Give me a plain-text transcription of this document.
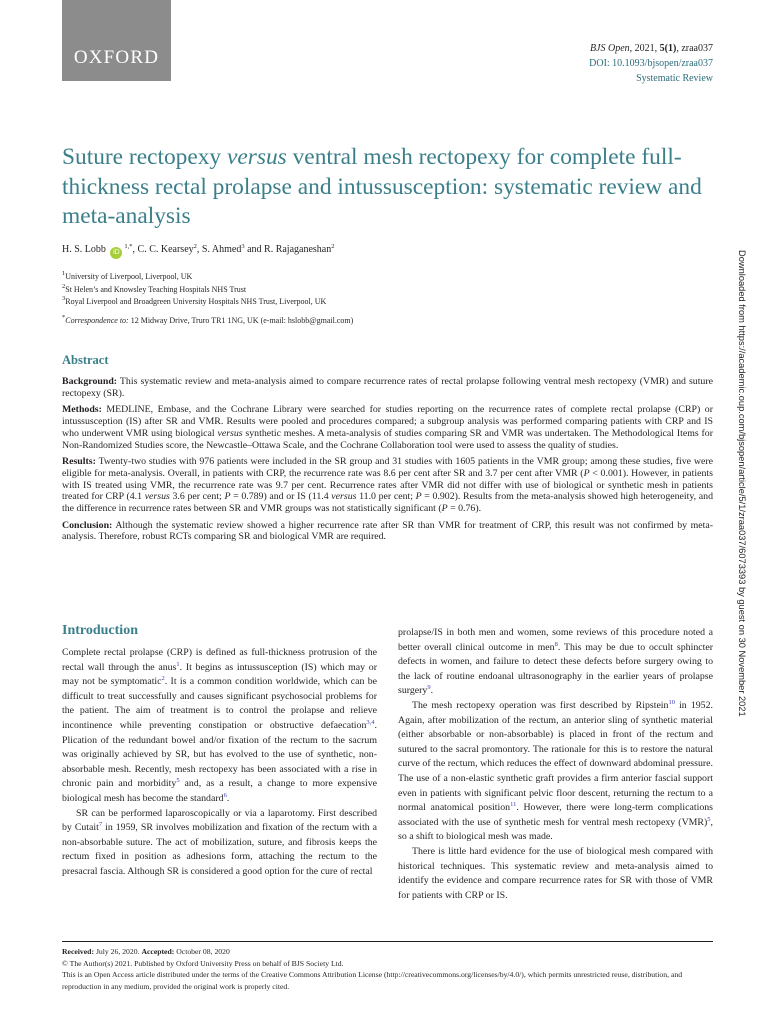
OXFORD	BJS Open, 2021, 5(1), zraa037
DOI: 10.1093/bjsopen/zraa037
Systematic Review
Suture rectopexy versus ventral mesh rectopexy for complete full-thickness rectal prolapse and intussusception: systematic review and meta-analysis
H. S. Lobb $iD^{1,*}$, C. C. Kearsey$^2$, S. Ahmed$^3$ and R. Rajaganeshan$^2$
$^1$University of Liverpool, Liverpool, UK
$^2$St Helen’s and Knowsley Teaching Hospitals NHS Trust
$^3$Royal Liverpool and Broadgreen University Hospitals NHS Trust, Liverpool, UK
*Correspondence to: 12 Midway Drive, Truro TR1 1NG, UK (e-mail: hslobb@gmail.com)
Abstract

Background: This systematic review and meta-analysis aimed to compare recurrence rates of rectal prolapse following ventral mesh rectopexy (VMR) and suture rectopexy (SR).

Methods: MEDLINE, Embase, and the Cochrane Library were searched for studies reporting on the recurrence rates of complete rectal prolapse (CRP) or intussusception (IS) after SR and VMR. Results were pooled and procedures compared; a subgroup analysis was performed comparing patients with CRP and IS who underwent VMR using biological versus synthetic meshes. A meta-analysis of studies comparing SR and VMR was undertaken. The Methodological Items for Non-Randomized Studies score, the Newcastle–Ottawa Scale, and the Cochrane Collaboration tool were used to assess the quality of studies.

Results: Twenty-two studies with 976 patients were included in the SR group and 31 studies with 1605 patients in the VMR group; among these studies, five were eligible for meta-analysis. Overall, in patients with CRP, the recurrence rate was 8.6 per cent after SR and 3.7 per cent after VMR (P < 0.001). However, in patients with IS treated using VMR, the recurrence rate was 9.7 per cent. Recurrence rates after VMR did not differ with use of biological or synthetic mesh in patients treated for CRP (4.1 versus 3.6 per cent; P = 0.789) and or IS (11.4 versus 11.0 per cent; P = 0.902). Results from the meta-analysis showed high heterogeneity, and the difference in recurrence rates between SR and VMR groups was not statistically significant (P = 0.76).

Conclusion: Although the systematic review showed a higher recurrence rate after SR than VMR for treatment of CRP, this result was not confirmed by meta-analysis. Therefore, robust RCTs comparing SR and biological VMR are required.

Introduction

Complete rectal prolapse (CRP) is defined as full-thickness protrusion of the rectal wall through the anus$^1$. It begins as intussusception (IS) which may or may not be symptomatic$^2$. It is a common condition worldwide, which can be difficult to treat successfully and causes significant psychosocial problems for the patient. The aim of treatment is to control the prolapse and relieve incontinence while preventing constipation or obstructive defaecation$^{3,4}$. Plication of the redundant bowel and/or fixation of the rectum to the sacrum was originally achieved by SR, but has evolved to the use of synthetic, non-absorbable mesh. Recently, mesh rectopexy has been associated with a rise in chronic pain and morbidity$^5$ and, as a result, a change to more expensive biological mesh has become the standard$^6$.

SR can be performed laparoscopically or via a laparotomy. First described by Cutait$^7$ in 1959, SR involves mobilization and fixation of the rectum with a non-absorbable suture. The act of mobilization, suture, and fibrosis keeps the rectum fixed in position as adhesions form, attaching the rectum to the presacral fascia. Although SR is considered a good option for the cure of rectal

prolapse/IS in both men and women, some reviews of this procedure noted a better overall clinical outcome in men$^8$. This may be due to occult sphincter defects in women, and failure to detect these defects before surgery owing to the lack of routine endoanal ultrasonography in the earlier years of prolapse surgery$^9$.

The mesh rectopexy operation was first described by Ripstein$^{10}$ in 1952. Again, after mobilization of the rectum, an anterior sling of synthetic material (either absorbable or non-absorbable) is placed in front of the rectum and sutured to the sacral promontory. The rationale for this is to restore the natural curve of the rectum, which reduces the effect of downward abdominal pressure. The use of a non-elastic synthetic graft provides a firm anterior fascial support even in patients with significant pelvic floor descent, returning the rectum to a normal anatomical position$^{11}$. However, there were long-term complications associated with the use of synthetic mesh for ventral mesh rectopexy (VMR)$^5$, so a shift to biological mesh was made.

There is little hard evidence for the use of biological mesh compared with historical techniques. This systematic review and meta-analysis aimed to identify the evidence and compare recurrence rates for SR with those of VMR for patients with CRP or IS.

Received: July 26, 2020. Accepted: October 08, 2020
© The Author(s) 2021. Published by Oxford University Press on behalf of BJS Society Ltd.
This is an Open Access article distributed under the terms of the Creative Commons Attribution License (http://creativecommons.org/licenses/by/4.0/), which permits unrestricted reuse, distribution, and reproduction in any medium, provided the original work is properly cited.
Downloaded from https://academic.oup.com/bjsopen/article/5/1/zraa037/6073393 by guest on 30 November 2021
